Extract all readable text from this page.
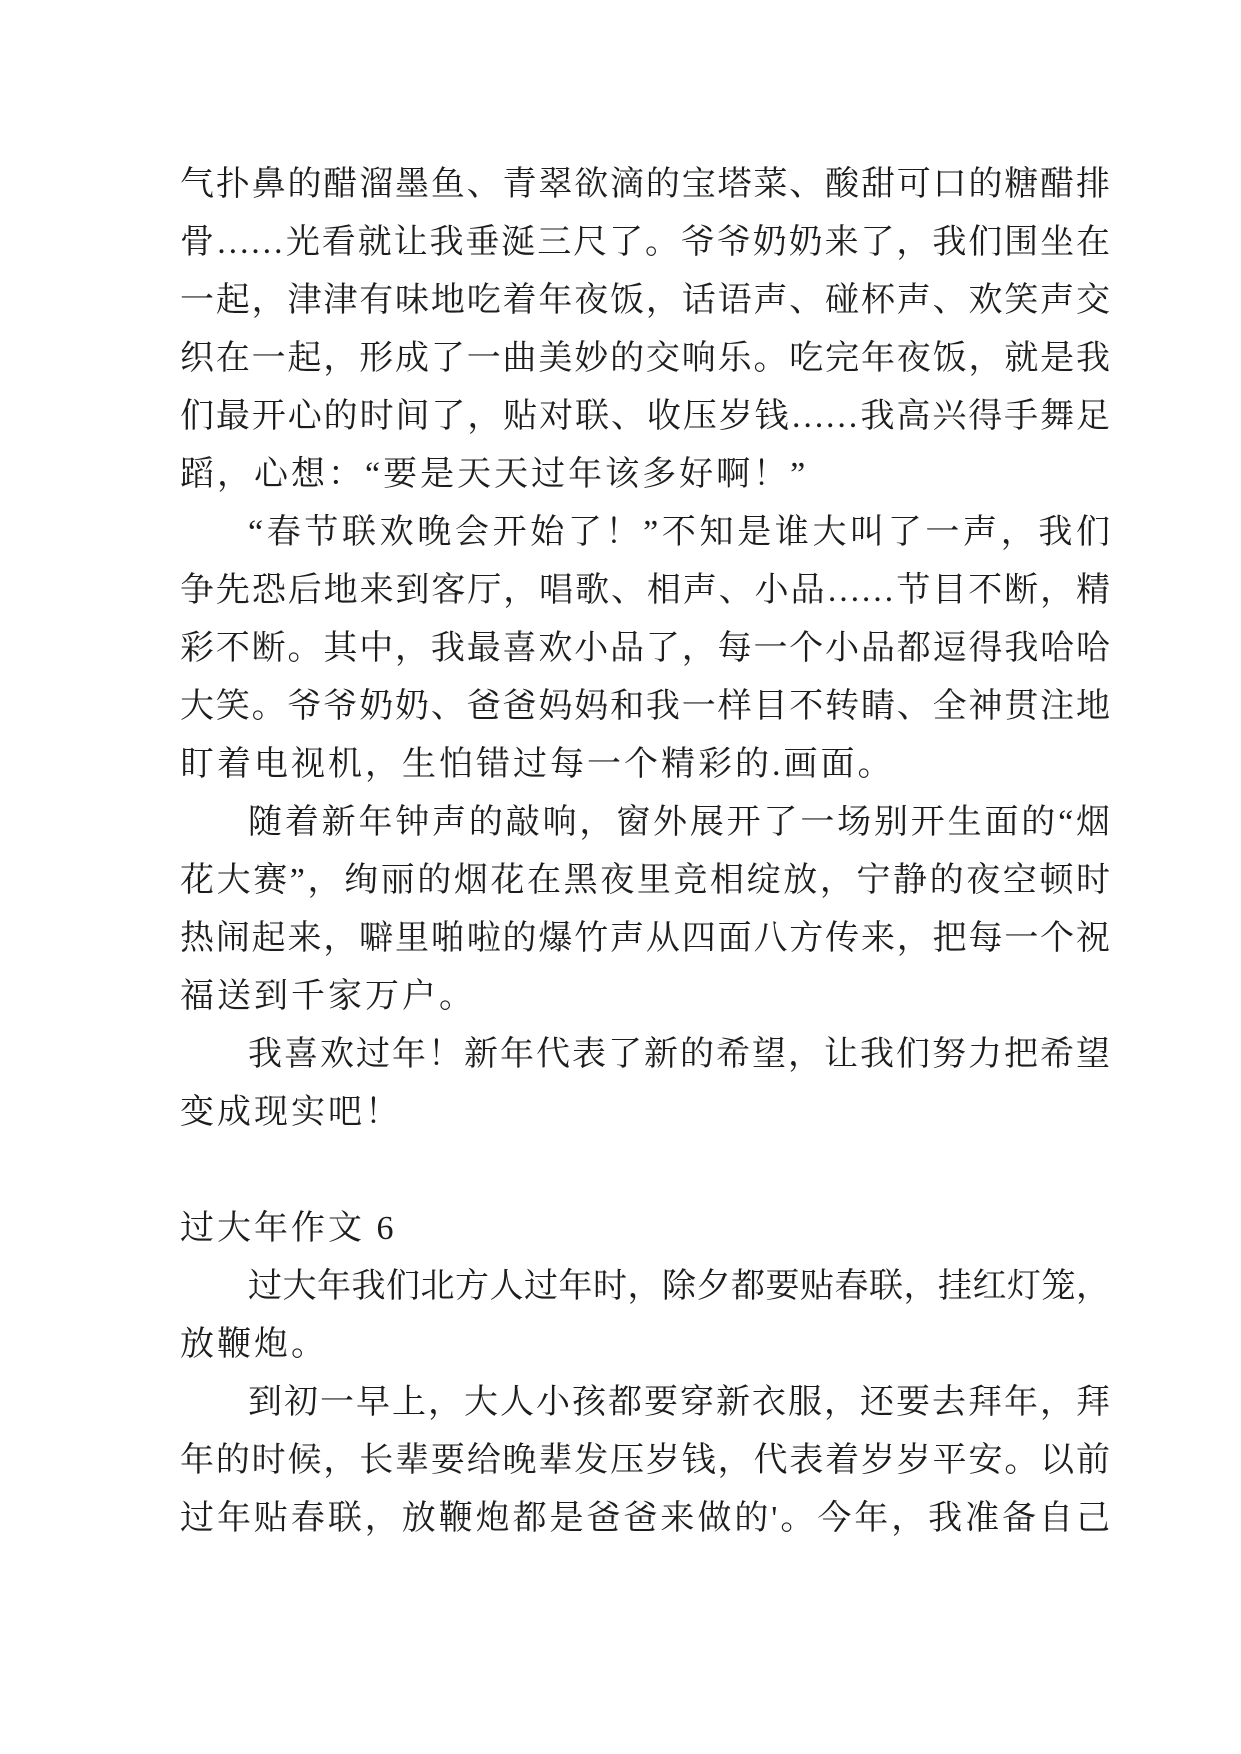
气扑鼻的醋溜墨鱼、青翠欲滴的宝塔菜、酸甜可口的糖醋排
骨……光看就让我垂涎三尺了。爷爷奶奶来了，我们围坐在
一起，津津有味地吃着年夜饭，话语声、碰杯声、欢笑声交
织在一起，形成了一曲美妙的交响乐。吃完年夜饭，就是我
们最开心的时间了，贴对联、收压岁钱……我高兴得手舞足
蹈，心想：“要是天天过年该多好啊！”
“春节联欢晚会开始了！”不知是谁大叫了一声，我们
争先恐后地来到客厅，唱歌、相声、小品……节目不断，精
彩不断。其中，我最喜欢小品了，每一个小品都逗得我哈哈
大笑。爷爷奶奶、爸爸妈妈和我一样目不转睛、全神贯注地
盯着电视机，生怕错过每一个精彩的.画面。
随着新年钟声的敲响，窗外展开了一场别开生面的“烟
花大赛”，绚丽的烟花在黑夜里竞相绽放，宁静的夜空顿时
热闹起来，噼里啪啦的爆竹声从四面八方传来，把每一个祝
福送到千家万户。
我喜欢过年！新年代表了新的希望，让我们努力把希望
变成现实吧！
过大年作文 6
过大年我们北方人过年时，除夕都要贴春联，挂红灯笼，
放鞭炮。
到初一早上，大人小孩都要穿新衣服，还要去拜年，拜
年的时候，长辈要给晚辈发压岁钱，代表着岁岁平安。以前
过年贴春联，放鞭炮都是爸爸来做的'。今年，我准备自己
